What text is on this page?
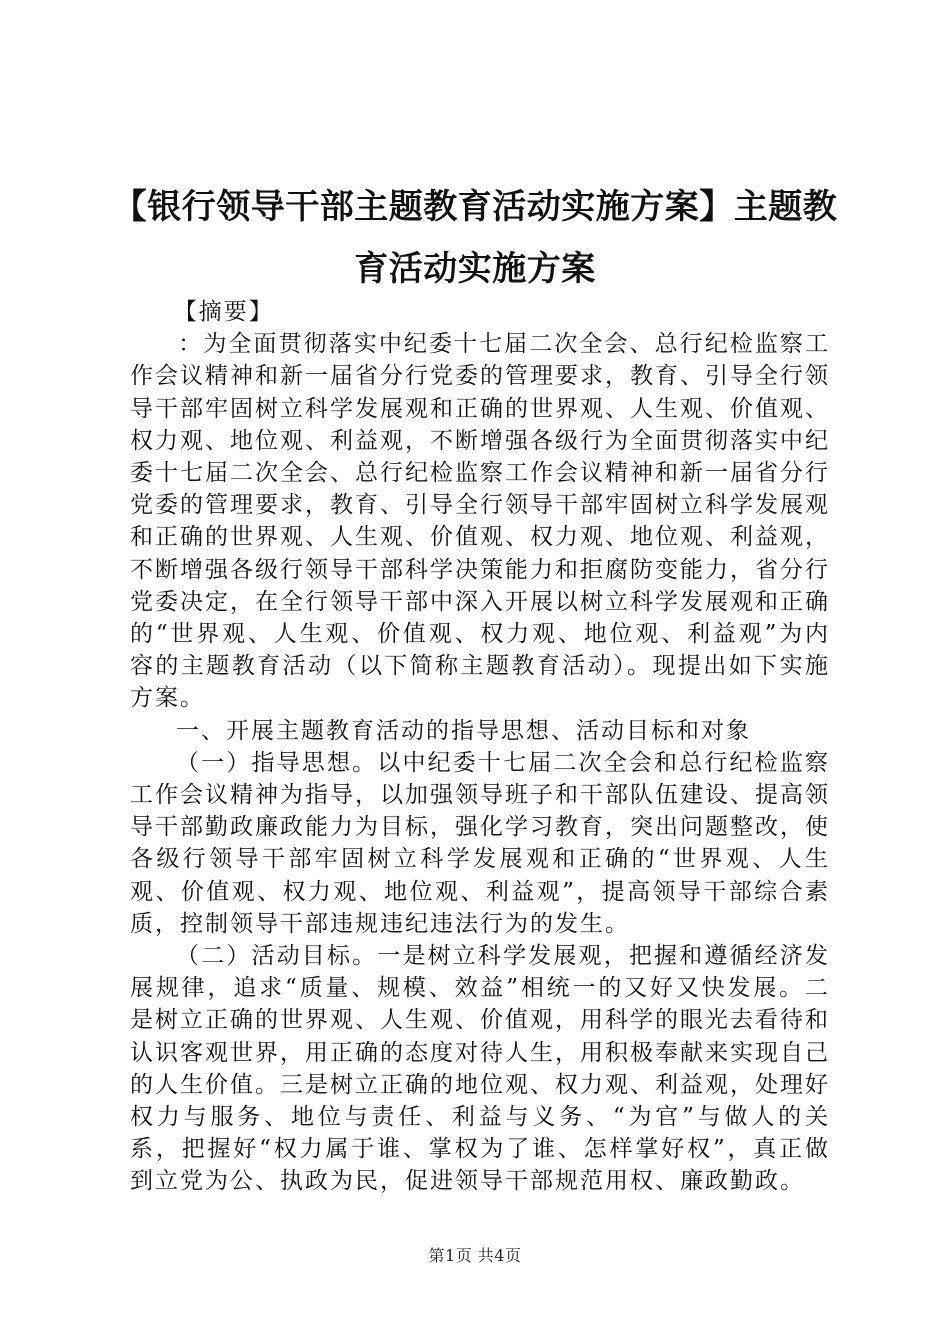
【银行领导干部主题教育活动实施方案】主题教育活动实施方案

【摘要】

：为全面贯彻落实中纪委十七届二次全会、总行纪检监察工作会议精神和新一届省分行党委的管理要求，教育、引导全行领导干部牢固树立科学发展观和正确的世界观、人生观、价值观、权力观、地位观、利益观，不断增强各级行为全面贯彻落实中纪委十七届二次全会、总行纪检监察工作会议精神和新一届省分行党委的管理要求，教育、引导全行领导干部牢固树立科学发展观和正确的世界观、人生观、价值观、权力观、地位观、利益观，不断增强各级行领导干部科学决策能力和拒腐防变能力，省分行党委决定，在全行领导干部中深入开展以树立科学发展观和正确的“世界观、人生观、价值观、权力观、地位观、利益观”为内容的主题教育活动（以下简称主题教育活动）。现提出如下实施方案。

一、开展主题教育活动的指导思想、活动目标和对象

（一）指导思想。以中纪委十七届二次全会和总行纪检监察工作会议精神为指导，以加强领导班子和干部队伍建设、提高领导干部勤政廉政能力为目标，强化学习教育，突出问题整改，使各级行领导干部牢固树立科学发展观和正确的“世界观、人生观、价值观、权力观、地位观、利益观”，提高领导干部综合素质，控制领导干部违规违纪违法行为的发生。

（二）活动目标。一是树立科学发展观，把握和遵循经济发展规律，追求“质量、规模、效益”相统一的又好又快发展。二是树立正确的世界观、人生观、价值观，用科学的眼光去看待和认识客观世界，用正确的态度对待人生，用积极奉献来实现自己的人生价值。三是树立正确的地位观、权力观、利益观，处理好权力与服务、地位与责任、利益与义务、“为官”与做人的关系，把握好“权力属于谁、掌权为了谁、怎样掌好权”，真正做到立党为公、执政为民，促进领导干部规范用权、廉政勤政。

第1页 共4页
